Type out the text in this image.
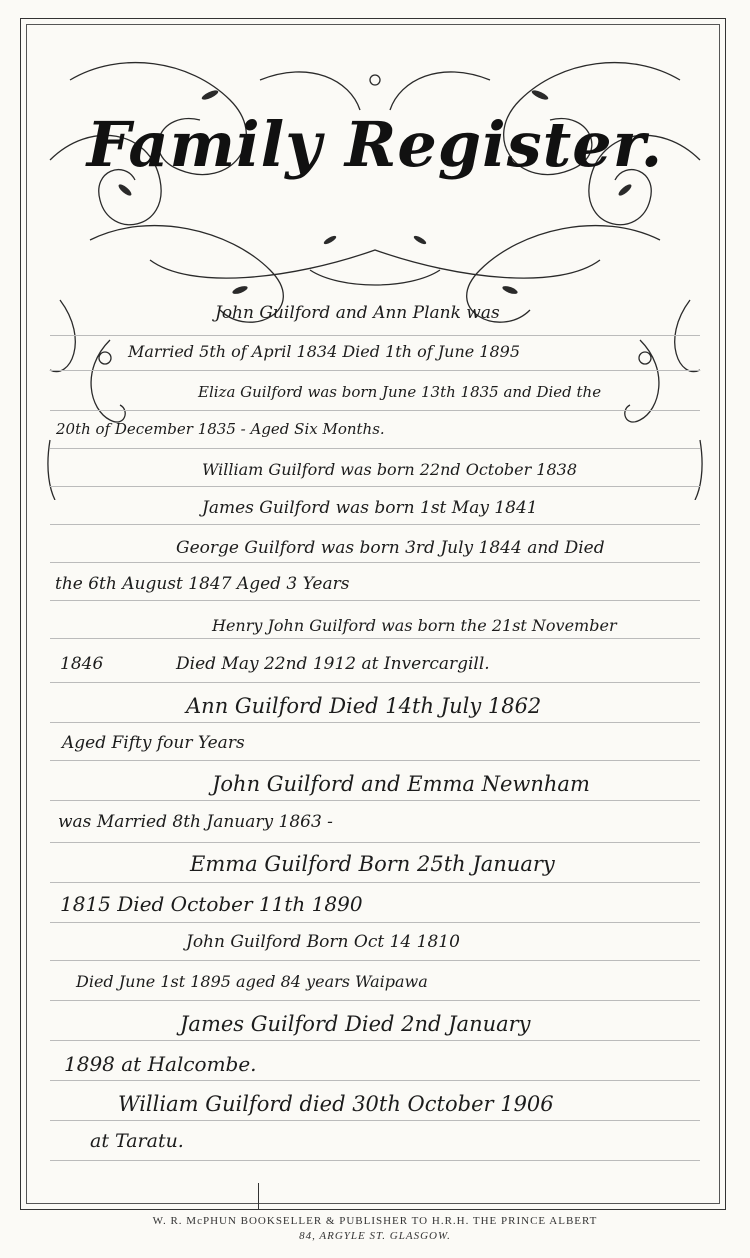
Family Register.
John Guilford and Ann Plank was
Married 5th of April 1834 Died 1th of June 1895
Eliza Guilford was born June 13th 1835 and Died the
20th of December 1835 - Aged Six Months.
William Guilford was born 22nd October 1838
James Guilford was born 1st May 1841
George Guilford was born 3rd July 1844 and Died
the 6th August 1847 Aged 3 Years
Henry John Guilford was born the 21st November
1846	Died May 22nd 1912 at Invercargill.
Ann Guilford Died 14th July 1862
Aged Fifty four Years
John Guilford and Emma Newnham
was Married 8th January 1863 -
Emma Guilford Born 25th January
1815 Died October 11th 1890
John Guilford Born Oct 14 1810
Died June 1st 1895 aged 84 years Waipawa
James Guilford Died 2nd January
1898 at Halcombe.
William Guilford died 30th October 1906
at Taratu.
W. R. McPHUN BOOKSELLER & PUBLISHER TO H.R.H. THE PRINCE ALBERT
84, ARGYLE ST. GLASGOW.
